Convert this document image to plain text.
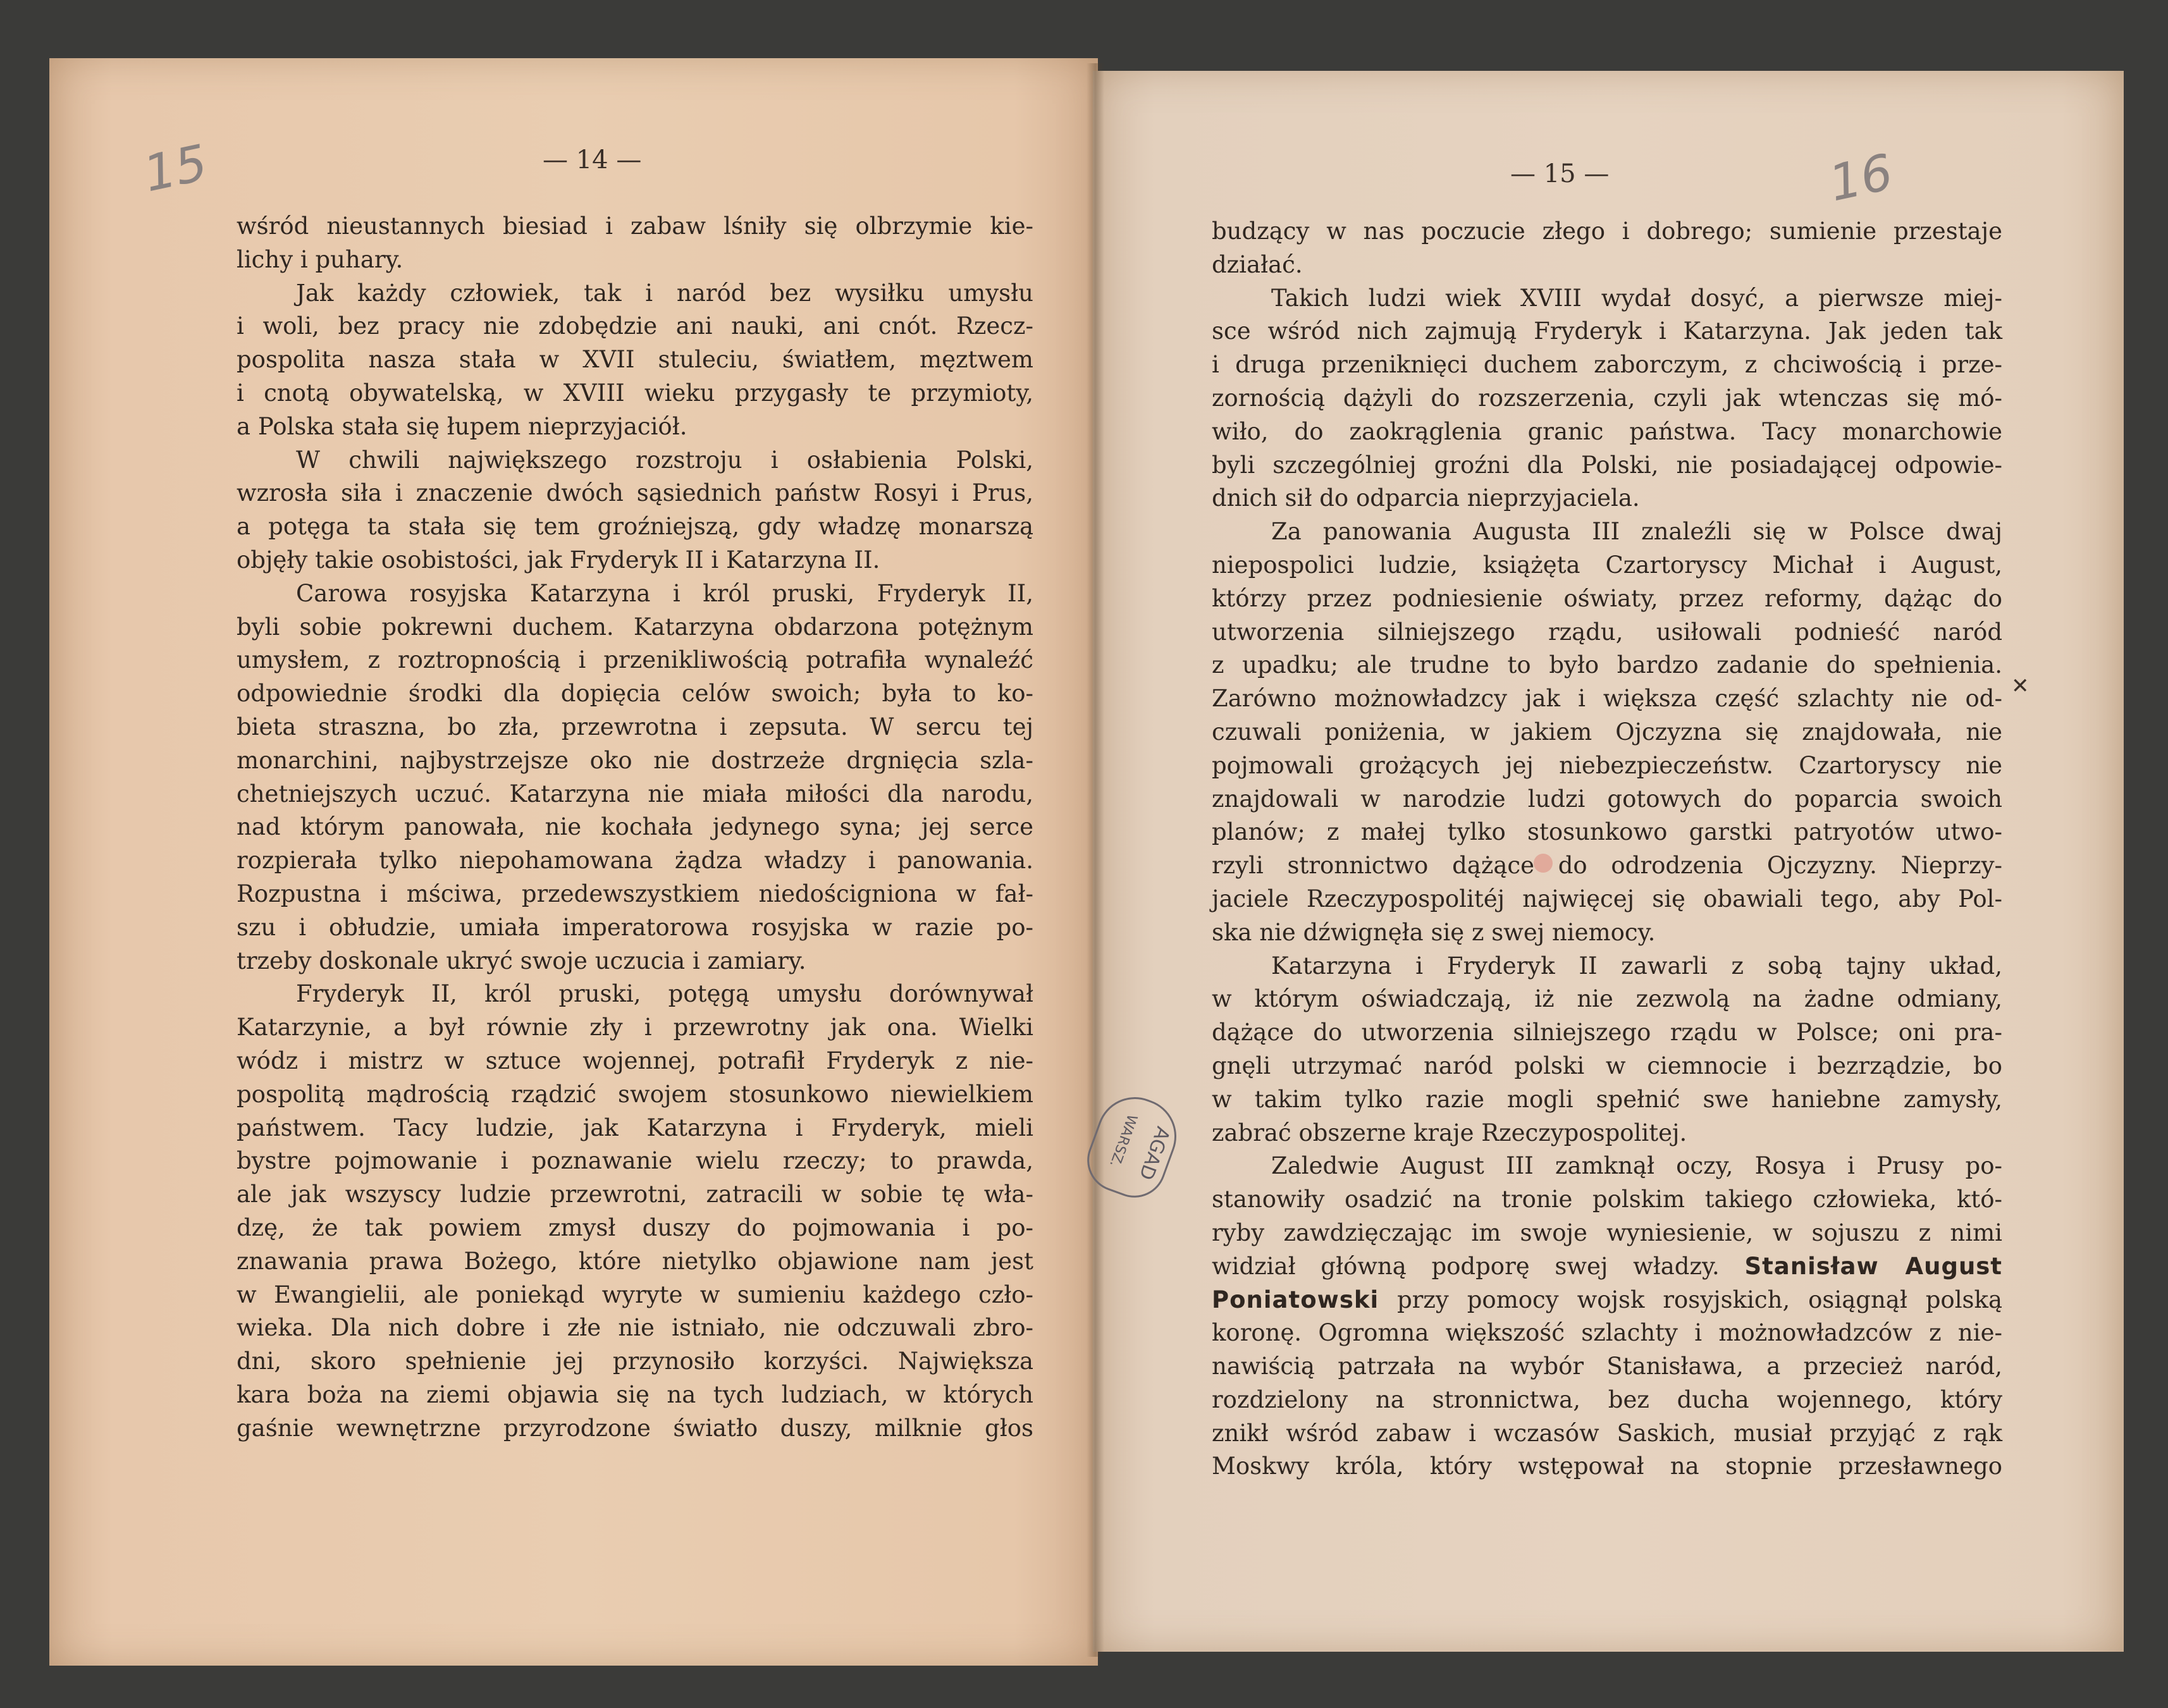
15	— 14 —
wśród nieustannych biesiad i zabaw lśniły się olbrzymie kie-
lichy i puhary.
Jak każdy człowiek, tak i naród bez wysiłku umysłu
i woli, bez pracy nie zdobędzie ani nauki, ani cnót. Rzecz-
pospolita nasza stała w XVII stuleciu, światłem, męztwem
i cnotą obywatelską, w XVIII wieku przygasły te przymioty,
a Polska stała się łupem nieprzyjaciół.
W chwili największego rozstroju i osłabienia Polski,
wzrosła siła i znaczenie dwóch sąsiednich państw Rosyi i Prus,
a potęga ta stała się tem groźniejszą, gdy władzę monarszą
objęły takie osobistości, jak Fryderyk II i Katarzyna II.
Carowa rosyjska Katarzyna i król pruski, Fryderyk II,
byli sobie pokrewni duchem. Katarzyna obdarzona potężnym
umysłem, z roztropnością i przenikliwością potrafiła wynaleźć
odpowiednie środki dla dopięcia celów swoich; była to ko-
bieta straszna, bo zła, przewrotna i zepsuta. W sercu tej
monarchini, najbystrzejsze oko nie dostrzeże drgnięcia szla-
chetniejszych uczuć. Katarzyna nie miała miłości dla narodu,
nad którym panowała, nie kochała jedynego syna; jej serce
rozpierała tylko niepohamowana żądza władzy i panowania.
Rozpustna i mściwa, przedewszystkiem niedościgniona w fał-
szu i obłudzie, umiała imperatorowa rosyjska w razie po-
trzeby doskonale ukryć swoje uczucia i zamiary.
Fryderyk II, król pruski, potęgą umysłu dorównywał
Katarzynie, a był równie zły i przewrotny jak ona. Wielki
wódz i mistrz w sztuce wojennej, potrafił Fryderyk z nie-
pospolitą mądrością rządzić swojem stosunkowo niewielkiem
państwem. Tacy ludzie, jak Katarzyna i Fryderyk, mieli
bystre pojmowanie i poznawanie wielu rzeczy; to prawda,
ale jak wszyscy ludzie przewrotni, zatracili w sobie tę wła-
dzę, że tak powiem zmysł duszy do pojmowania i po-
znawania prawa Bożego, które nietylko objawione nam jest
w Ewangielii, ale poniekąd wyryte w sumieniu każdego czło-
wieka. Dla nich dobre i złe nie istniało, nie odczuwali zbro-
dni, skoro spełnienie jej przynosiło korzyści. Największa
kara boża na ziemi objawia się na tych ludziach, w których
gaśnie wewnętrzne przyrodzone światło duszy, milknie głos
— 15 —	16
budzący w nas poczucie złego i dobrego; sumienie przestaje
działać.
Takich ludzi wiek XVIII wydał dosyć, a pierwsze miej-
sce wśród nich zajmują Fryderyk i Katarzyna. Jak jeden tak
i druga przeniknięci duchem zaborczym, z chciwością i prze-
zornością dążyli do rozszerzenia, czyli jak wtenczas się mó-
wiło, do zaokrąglenia granic państwa. Tacy monarchowie
byli szczególniej groźni dla Polski, nie posiadającej odpowie-
dnich sił do odparcia nieprzyjaciela.
Za panowania Augusta III znaleźli się w Polsce dwaj
niepospolici ludzie, książęta Czartoryscy Michał i August,
którzy przez podniesienie oświaty, przez reformy, dążąc do
utworzenia silniejszego rządu, usiłowali podnieść naród
z upadku; ale trudne to było bardzo zadanie do spełnienia.
Zarówno możnowładzcy jak i większa część szlachty nie od-
czuwali poniżenia, w jakiem Ojczyzna się znajdowała, nie
pojmowali grożących jej niebezpieczeństw. Czartoryscy nie
znajdowali w narodzie ludzi gotowych do poparcia swoich
planów; z małej tylko stosunkowo garstki patryotów utwo-
rzyli stronnictwo dążące do odrodzenia Ojczyzny. Nieprzy-
jaciele Rzeczypospolitéj najwięcej się obawiali tego, aby Pol-
ska nie dźwignęła się z swej niemocy.
Katarzyna i Fryderyk II zawarli z sobą tajny układ,
w którym oświadczają, iż nie zezwolą na żadne odmiany,
dążące do utworzenia silniejszego rządu w Polsce; oni pra-
gnęli utrzymać naród polski w ciemnocie i bezrządzie, bo
w takim tylko razie mogli spełnić swe haniebne zamysły,
zabrać obszerne kraje Rzeczypospolitej.
Zaledwie August III zamknął oczy, Rosya i Prusy po-
stanowiły osadzić na tronie polskim takiego człowieka, któ-
ryby zawdzięczając im swoje wyniesienie, w sojuszu z nimi
widział główną podporę swej władzy. Stanisław August
Poniatowski przy pomocy wojsk rosyjskich, osiągnął polską
koronę. Ogromna większość szlachty i możnowładzców z nie-
nawiścią patrzała na wybór Stanisława, a przecież naród,
rozdzielony na stronnictwa, bez ducha wojennego, który
znikł wśród zabaw i wczasów Saskich, musiał przyjąć z rąk
Moskwy króla, który wstępował na stopnie przesławnego
AGAD
WARSZ.
✕
